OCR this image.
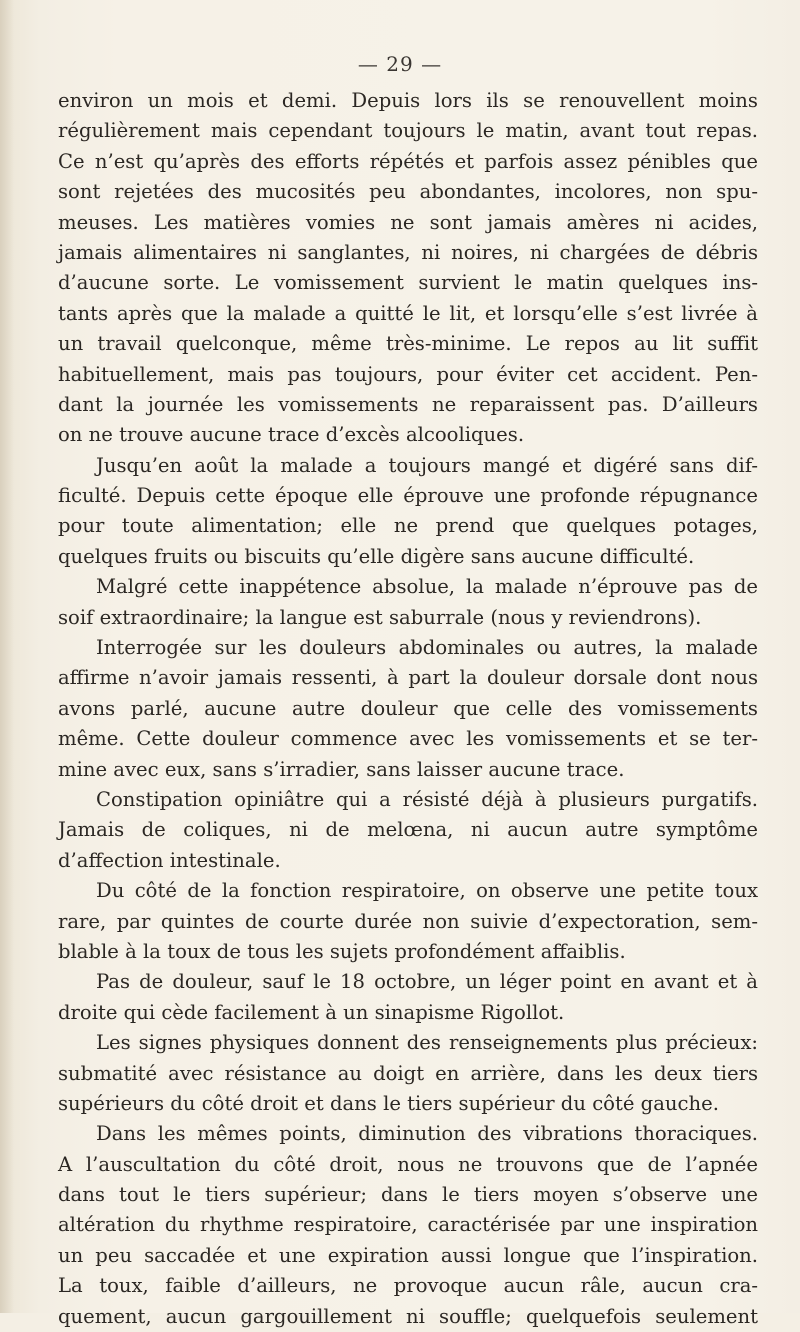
— 29 —
environ un mois et demi. Depuis lors ils se renouvellent moins
régulièrement mais cependant toujours le matin, avant tout repas.
Ce n’est qu’après des efforts répétés et parfois assez pénibles que
sont rejetées des mucosités peu abondantes, incolores, non spu-
meuses. Les matières vomies ne sont jamais amères ni acides,
jamais alimentaires ni sanglantes, ni noires, ni chargées de débris
d’aucune sorte. Le vomissement survient le matin quelques ins-
tants après que la malade a quitté le lit, et lorsqu’elle s’est livrée à
un travail quelconque, même très-minime. Le repos au lit suffit
habituellement, mais pas toujours, pour éviter cet accident. Pen-
dant la journée les vomissements ne reparaissent pas. D’ailleurs
on ne trouve aucune trace d’excès alcooliques.
Jusqu’en août la malade a toujours mangé et digéré sans dif-
ficulté. Depuis cette époque elle éprouve une profonde répugnance
pour toute alimentation; elle ne prend que quelques potages,
quelques fruits ou biscuits qu’elle digère sans aucune difficulté.
Malgré cette inappétence absolue, la malade n’éprouve pas de
soif extraordinaire; la langue est saburrale (nous y reviendrons).
Interrogée sur les douleurs abdominales ou autres, la malade
affirme n’avoir jamais ressenti, à part la douleur dorsale dont nous
avons parlé, aucune autre douleur que celle des vomissements
même. Cette douleur commence avec les vomissements et se ter-
mine avec eux, sans s’irradier, sans laisser aucune trace.
Constipation opiniâtre qui a résisté déjà à plusieurs purgatifs.
Jamais de coliques, ni de melœna, ni aucun autre symptôme
d’affection intestinale.
Du côté de la fonction respiratoire, on observe une petite toux
rare, par quintes de courte durée non suivie d’expectoration, sem-
blable à la toux de tous les sujets profondément affaiblis.
Pas de douleur, sauf le 18 octobre, un léger point en avant et à
droite qui cède facilement à un sinapisme Rigollot.
Les signes physiques donnent des renseignements plus précieux:
submatité avec résistance au doigt en arrière, dans les deux tiers
supérieurs du côté droit et dans le tiers supérieur du côté gauche.
Dans les mêmes points, diminution des vibrations thoraciques.
A l’auscultation du côté droit, nous ne trouvons que de l’apnée
dans tout le tiers supérieur; dans le tiers moyen s’observe une
altération du rhythme respiratoire, caractérisée par une inspiration
un peu saccadée et une expiration aussi longue que l’inspiration.
La toux, faible d’ailleurs, ne provoque aucun râle, aucun cra-
quement, aucun gargouillement ni souffle; quelquefois seulement
